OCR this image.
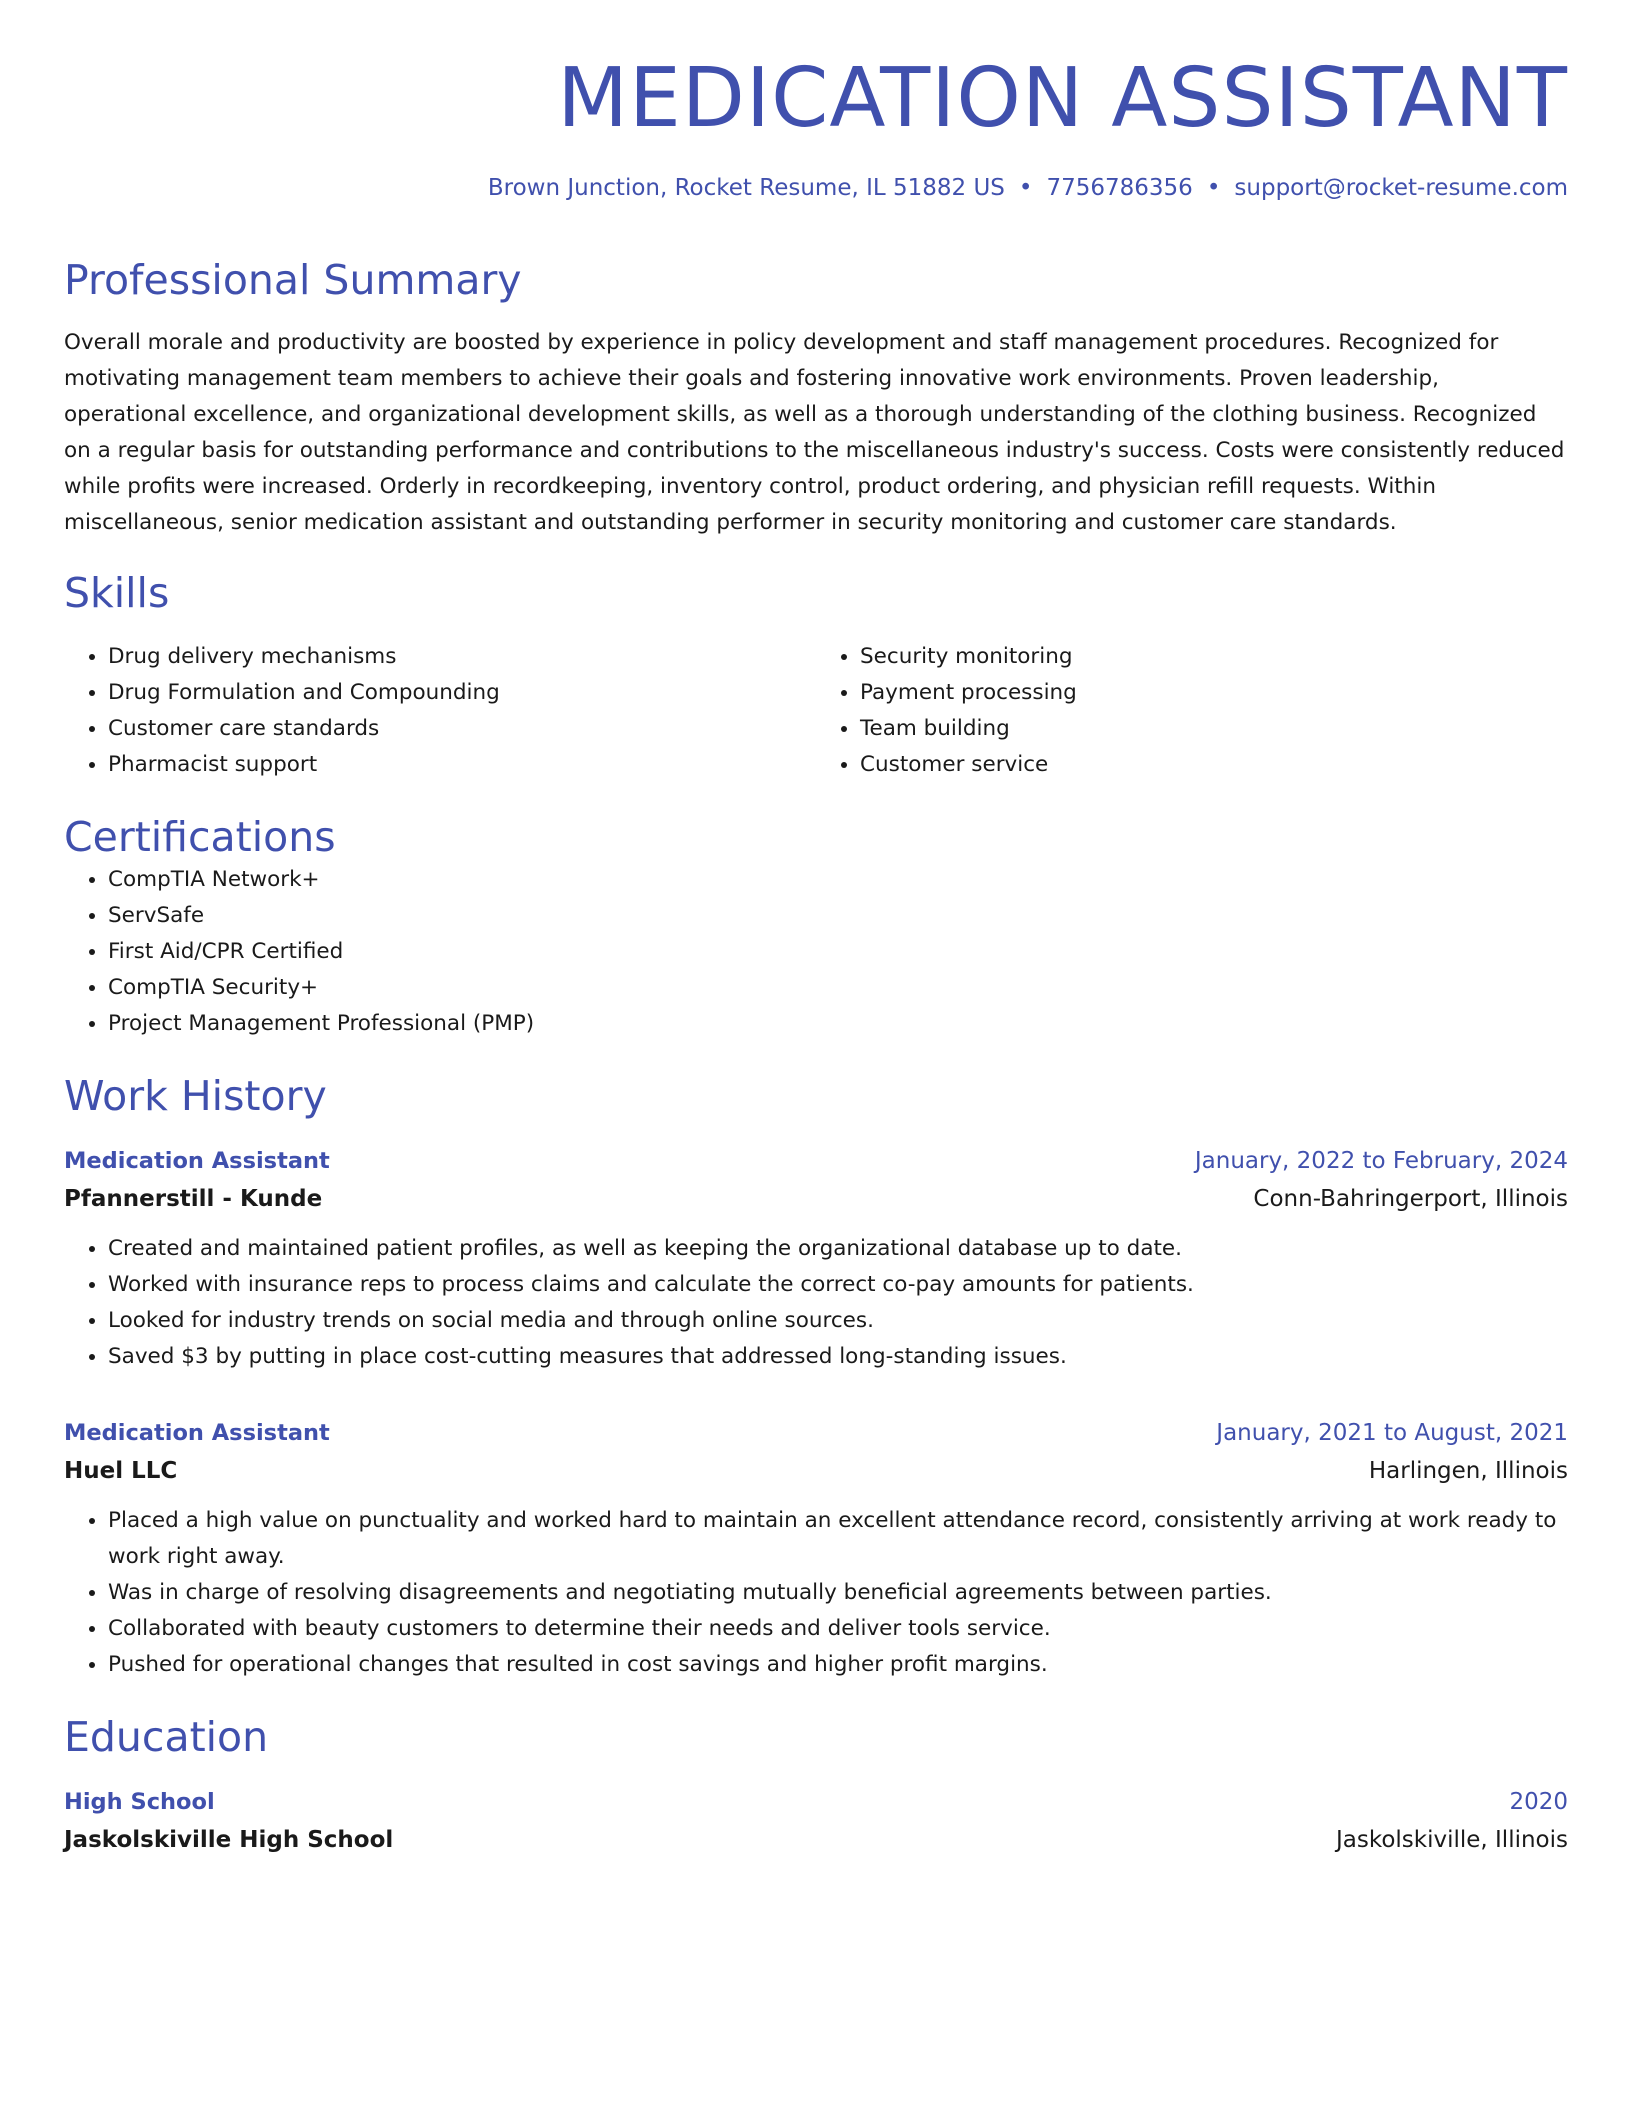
MEDICATION ASSISTANT
Brown Junction, Rocket Resume, IL 51882 US • 7756786356 • support@rocket-resume.com
Professional Summary
Overall morale and productivity are boosted by experience in policy development and staff management procedures. Recognized for motivating management team members to achieve their goals and fostering innovative work environments. Proven leadership, operational excellence, and organizational development skills, as well as a thorough understanding of the clothing business. Recognized on a regular basis for outstanding performance and contributions to the miscellaneous industry's success. Costs were consistently reduced while profits were increased. Orderly in recordkeeping, inventory control, product ordering, and physician refill requests. Within miscellaneous, senior medication assistant and outstanding performer in security monitoring and customer care standards.
Skills
• Drug delivery mechanisms
• Drug Formulation and Compounding
• Customer care standards
• Pharmacist support
• Security monitoring
• Payment processing
• Team building
• Customer service
Certifications
• CompTIA Network+
• ServSafe
• First Aid/CPR Certified
• CompTIA Security+
• Project Management Professional (PMP)
Work History
Medication Assistant	January, 2022 to February, 2024
Pfannerstill - Kunde	Conn-Bahringerport, Illinois
• Created and maintained patient profiles, as well as keeping the organizational database up to date.
• Worked with insurance reps to process claims and calculate the correct co-pay amounts for patients.
• Looked for industry trends on social media and through online sources.
• Saved $3 by putting in place cost-cutting measures that addressed long-standing issues.
Medication Assistant	January, 2021 to August, 2021
Huel LLC	Harlingen, Illinois
• Placed a high value on punctuality and worked hard to maintain an excellent attendance record, consistently arriving at work ready to work right away.
• Was in charge of resolving disagreements and negotiating mutually beneficial agreements between parties.
• Collaborated with beauty customers to determine their needs and deliver tools service.
• Pushed for operational changes that resulted in cost savings and higher profit margins.
Education
High School	2020
Jaskolskiville High School	Jaskolskiville, Illinois
